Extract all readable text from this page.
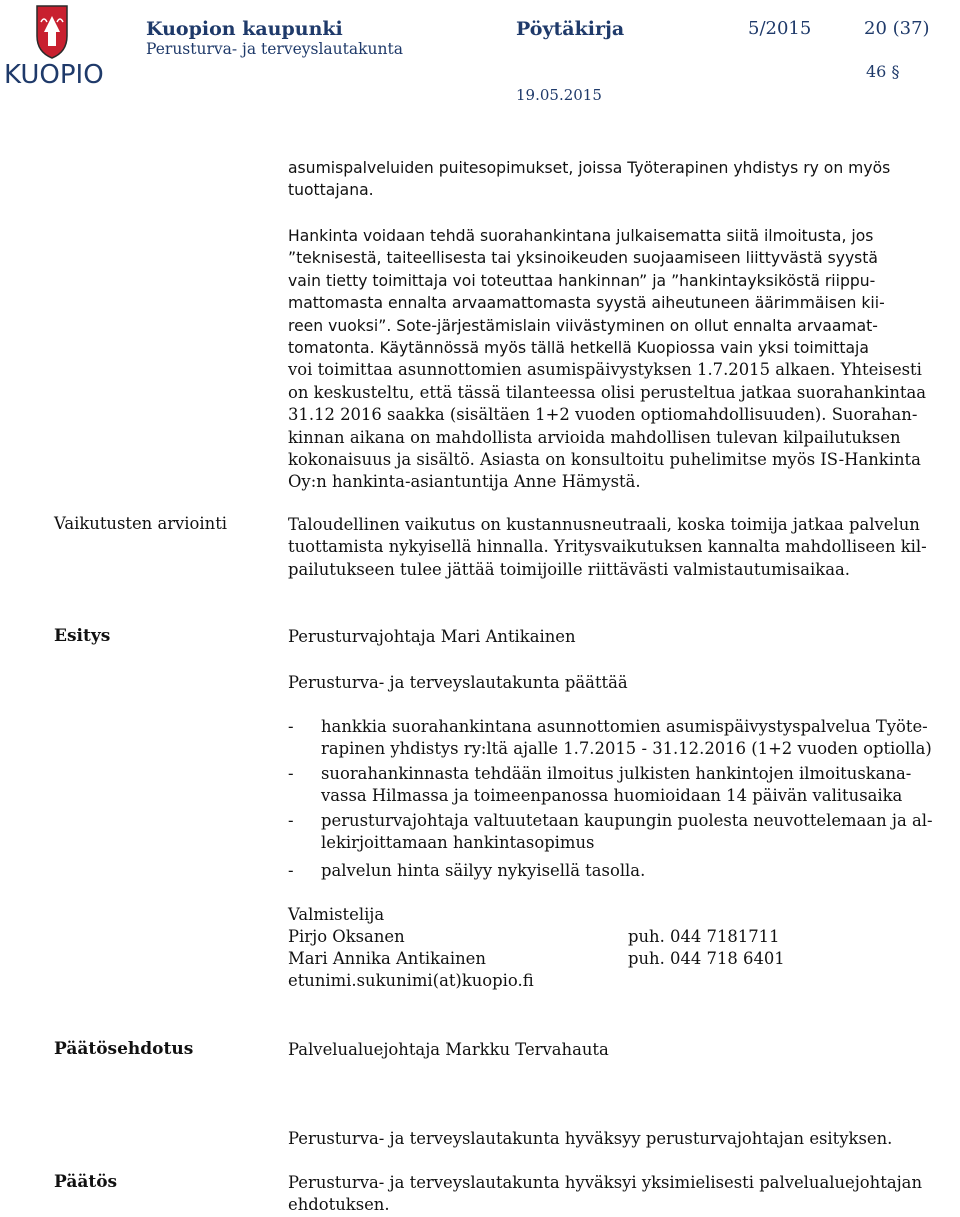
KUOPIO
Kuopion kaupunki
Perusturva- ja terveyslautakunta
Pöytäkirja	5/2015	20 (37)
46 §
19.05.2015

asumispalveluiden puitesopimukset, joissa Työterapinen yhdistys ry on myös tuottajana.

Hankinta voidaan tehdä suorahankintana julkaisematta siitä ilmoitusta, jos
”teknisestä, taiteellisesta tai yksinoikeuden suojaamiseen liittyvästä syystä
vain tietty toimittaja voi toteuttaa hankinnan” ja ”hankintayksiköstä riippu-
mattomasta ennalta arvaamattomasta syystä aiheutuneen äärimmäisen kii-
reen vuoksi”. Sote-järjestämislain viivästyminen on ollut ennalta arvaamat-
tomatonta. Käytännössä myös tällä hetkellä Kuopiossa vain yksi toimittaja
voi toimittaa asunnottomien asumispäivystyksen 1.7.2015 alkaen. Yhteisesti
on keskusteltu, että tässä tilanteessa olisi perusteltua jatkaa suorahankintaa
31.12 2016 saakka (sisältäen 1+2 vuoden optiomahdollisuuden). Suorahan-
kinnan aikana on mahdollista arvioida mahdollisen tulevan kilpailutuksen
kokonaisuus ja sisältö. Asiasta on konsultoitu puhelimitse myös IS-Hankinta
Oy:n hankinta-asiantuntija Anne Hämystä.
Vaikutusten arviointi	Taloudellinen vaikutus on kustannusneutraali, koska toimija jatkaa palvelun
tuottamista nykyisellä hinnalla. Yritysvaikutuksen kannalta mahdolliseen kil-
pailutukseen tulee jättää toimijoille riittävästi valmistautumisaikaa.
Esitys	Perusturvajohtaja Mari Antikainen
Perusturva- ja terveyslautakunta päättää
- hankkia suorahankintana asunnottomien asumispäivystyspalvelua Työte-
rapinen yhdistys ry:ltä ajalle 1.7.2015 - 31.12.2016 (1+2 vuoden optiolla)
- suorahankinnasta tehdään ilmoitus julkisten hankintojen ilmoituskana-
vassa Hilmassa ja toimeenpanossa huomioidaan 14 päivän valitusaika
- perusturvajohtaja valtuutetaan kaupungin puolesta neuvottelemaan ja al-
lekirjoittamaan hankintasopimus
- palvelun hinta säilyy nykyisellä tasolla.
Valmistelija
Pirjo Oksanen	puh. 044 7181711
Mari Annika Antikainen	puh. 044 718 6401
etunimi.sukunimi(at)kuopio.fi
Päätösehdotus	Palvelualuejohtaja Markku Tervahauta
Perusturva- ja terveyslautakunta hyväksyy perusturvajohtajan esityksen.
Päätös	Perusturva- ja terveyslautakunta hyväksyi yksimielisesti palvelualuejohtajan
ehdotuksen.
